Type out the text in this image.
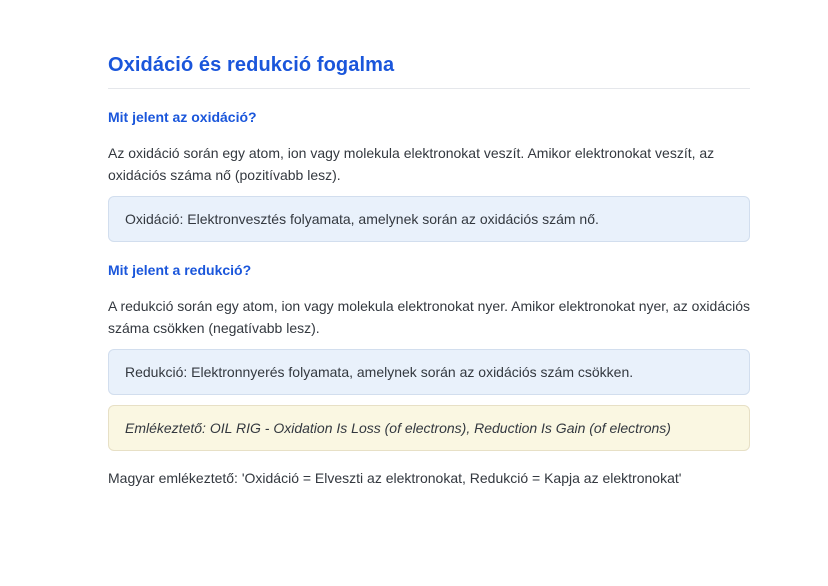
Oxidáció és redukció fogalma
Mit jelent az oxidáció?

Az oxidáció során egy atom, ion vagy molekula elektronokat veszít. Amikor elektronokat veszít, az oxidációs száma nő (pozitívabb lesz).

Oxidáció: Elektronvesztés folyamata, amelynek során az oxidációs szám nő.
Mit jelent a redukció?

A redukció során egy atom, ion vagy molekula elektronokat nyer. Amikor elektronokat nyer, az oxidációs száma csökken (negatívabb lesz).

Redukció: Elektronnyerés folyamata, amelynek során az oxidációs szám csökken.
Emlékeztető: OIL RIG - Oxidation Is Loss (of electrons), Reduction Is Gain (of electrons)

Magyar emlékeztető: 'Oxidáció = Elveszti az elektronokat, Redukció = Kapja az elektronokat'
